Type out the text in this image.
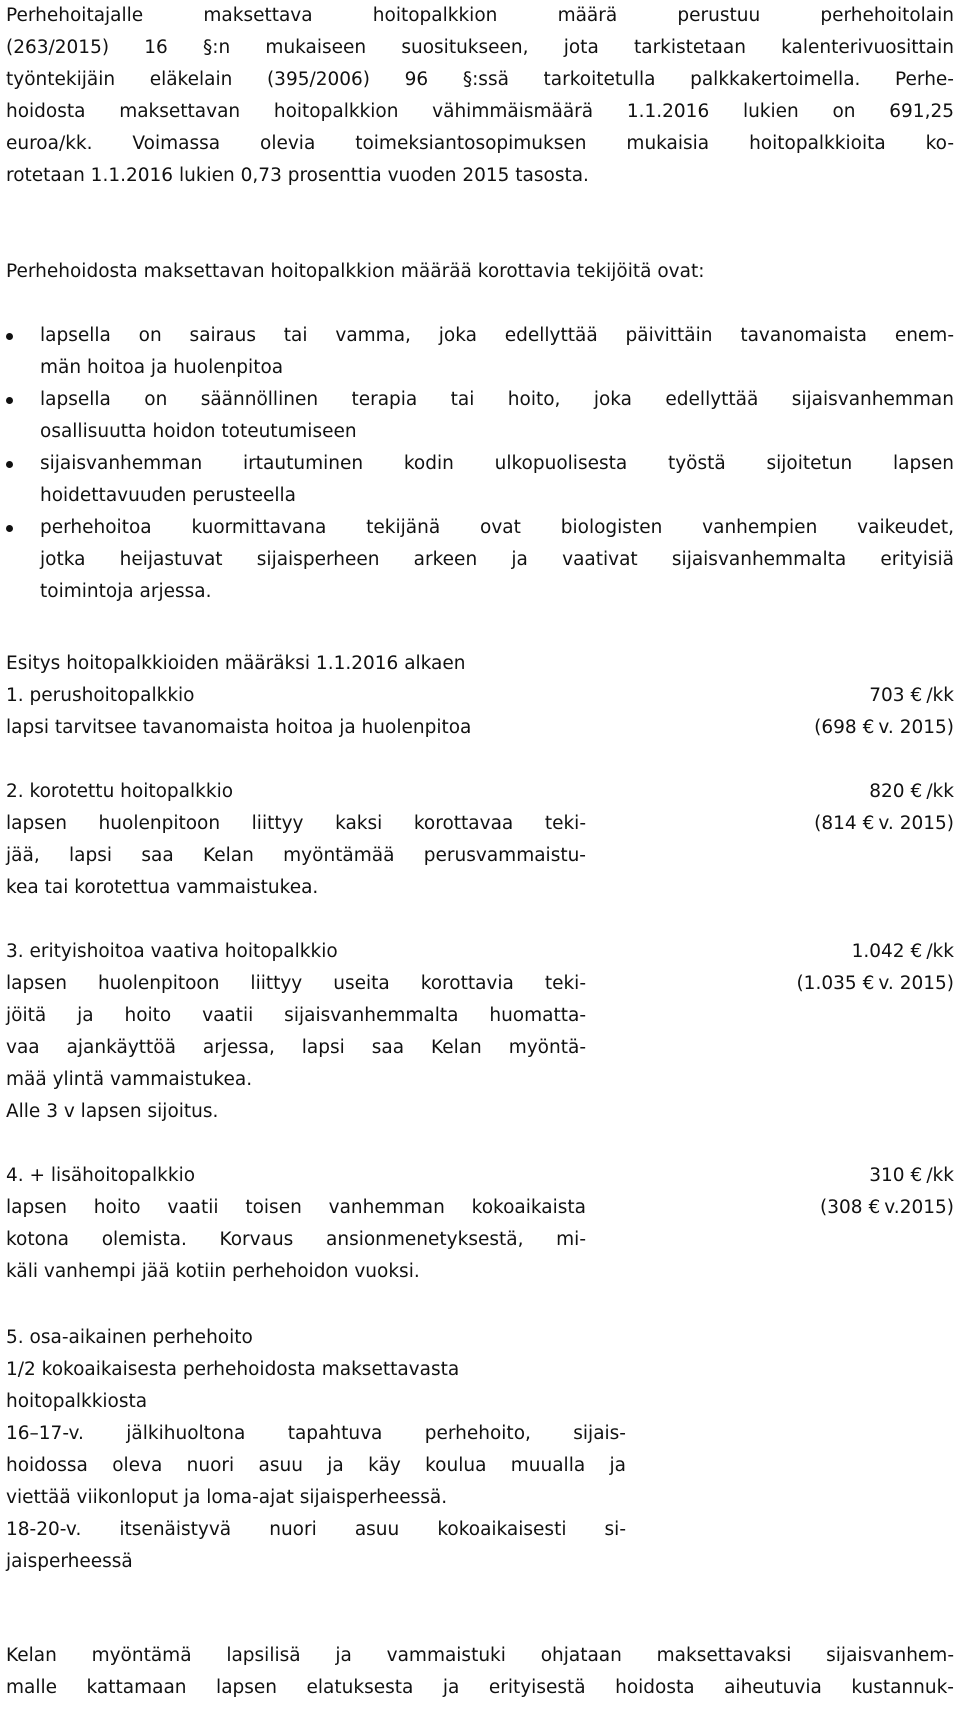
Perhehoitajalle maksettava hoitopalkkion määrä perustuu perhehoitolain
(263/2015) 16 §:n mukaiseen suositukseen, jota tarkistetaan kalenterivuosittain
työntekijäin eläkelain (395/2006) 96 §:ssä tarkoitetulla palkkakertoimella. Perhe-
hoidosta maksettavan hoitopalkkion vähimmäismäärä 1.1.2016 lukien on 691,25
euroa/kk. Voimassa olevia toimeksiantosopimuksen mukaisia hoitopalkkioita ko-
rotetaan 1.1.2016 lukien 0,73 prosenttia vuoden 2015 tasosta.
Perhehoidosta maksettavan hoitopalkkion määrää korottavia tekijöitä ovat:
lapsella on sairaus tai vamma, joka edellyttää päivittäin tavanomaista enem-
män hoitoa ja huolenpitoa
lapsella on säännöllinen terapia tai hoito, joka edellyttää sijaisvanhemman
osallisuutta hoidon toteutumiseen
sijaisvanhemman irtautuminen kodin ulkopuolisesta työstä sijoitetun lapsen
hoidettavuuden perusteella
perhehoitoa kuormittavana tekijänä ovat biologisten vanhempien vaikeudet,
jotka heijastuvat sijaisperheen arkeen ja vaativat sijaisvanhemmalta erityisiä
toimintoja arjessa.
Esitys hoitopalkkioiden määräksi 1.1.2016 alkaen
1. perushoitopalkkio
lapsi tarvitsee tavanomaista hoitoa ja huolenpitoa
703 € /kk
(698 € v. 2015)
2. korotettu hoitopalkkio
lapsen huolenpitoon liittyy kaksi korottavaa teki-
jää, lapsi saa Kelan myöntämää perusvammaistu-
kea tai korotettua vammaistukea.
820 € /kk
(814 € v. 2015)
3. erityishoitoa vaativa hoitopalkkio
lapsen huolenpitoon liittyy useita korottavia teki-
jöitä ja hoito vaatii sijaisvanhemmalta huomatta-
vaa ajankäyttöä arjessa, lapsi saa Kelan myöntä-
mää ylintä vammaistukea.
Alle 3 v lapsen sijoitus.
1.042 € /kk
(1.035 € v. 2015)
4. + lisähoitopalkkio
lapsen hoito vaatii toisen vanhemman kokoaikaista
kotona olemista. Korvaus ansionmenetyksestä, mi-
käli vanhempi jää kotiin perhehoidon vuoksi.
310 € /kk
(308 € v.2015)
5. osa-aikainen perhehoito
1/2 kokoaikaisesta perhehoidosta maksettavasta
hoitopalkkiosta
16–17-v. jälkihuoltona tapahtuva perhehoito, sijais-
hoidossa oleva nuori asuu ja käy koulua muualla ja
viettää viikonloput ja loma-ajat sijaisperheessä.
18-20-v. itsenäistyvä nuori asuu kokoaikaisesti si-
jaisperheessä
Kelan myöntämä lapsilisä ja vammaistuki ohjataan maksettavaksi sijaisvanhem-
malle kattamaan lapsen elatuksesta ja erityisestä hoidosta aiheutuvia kustannuk-
